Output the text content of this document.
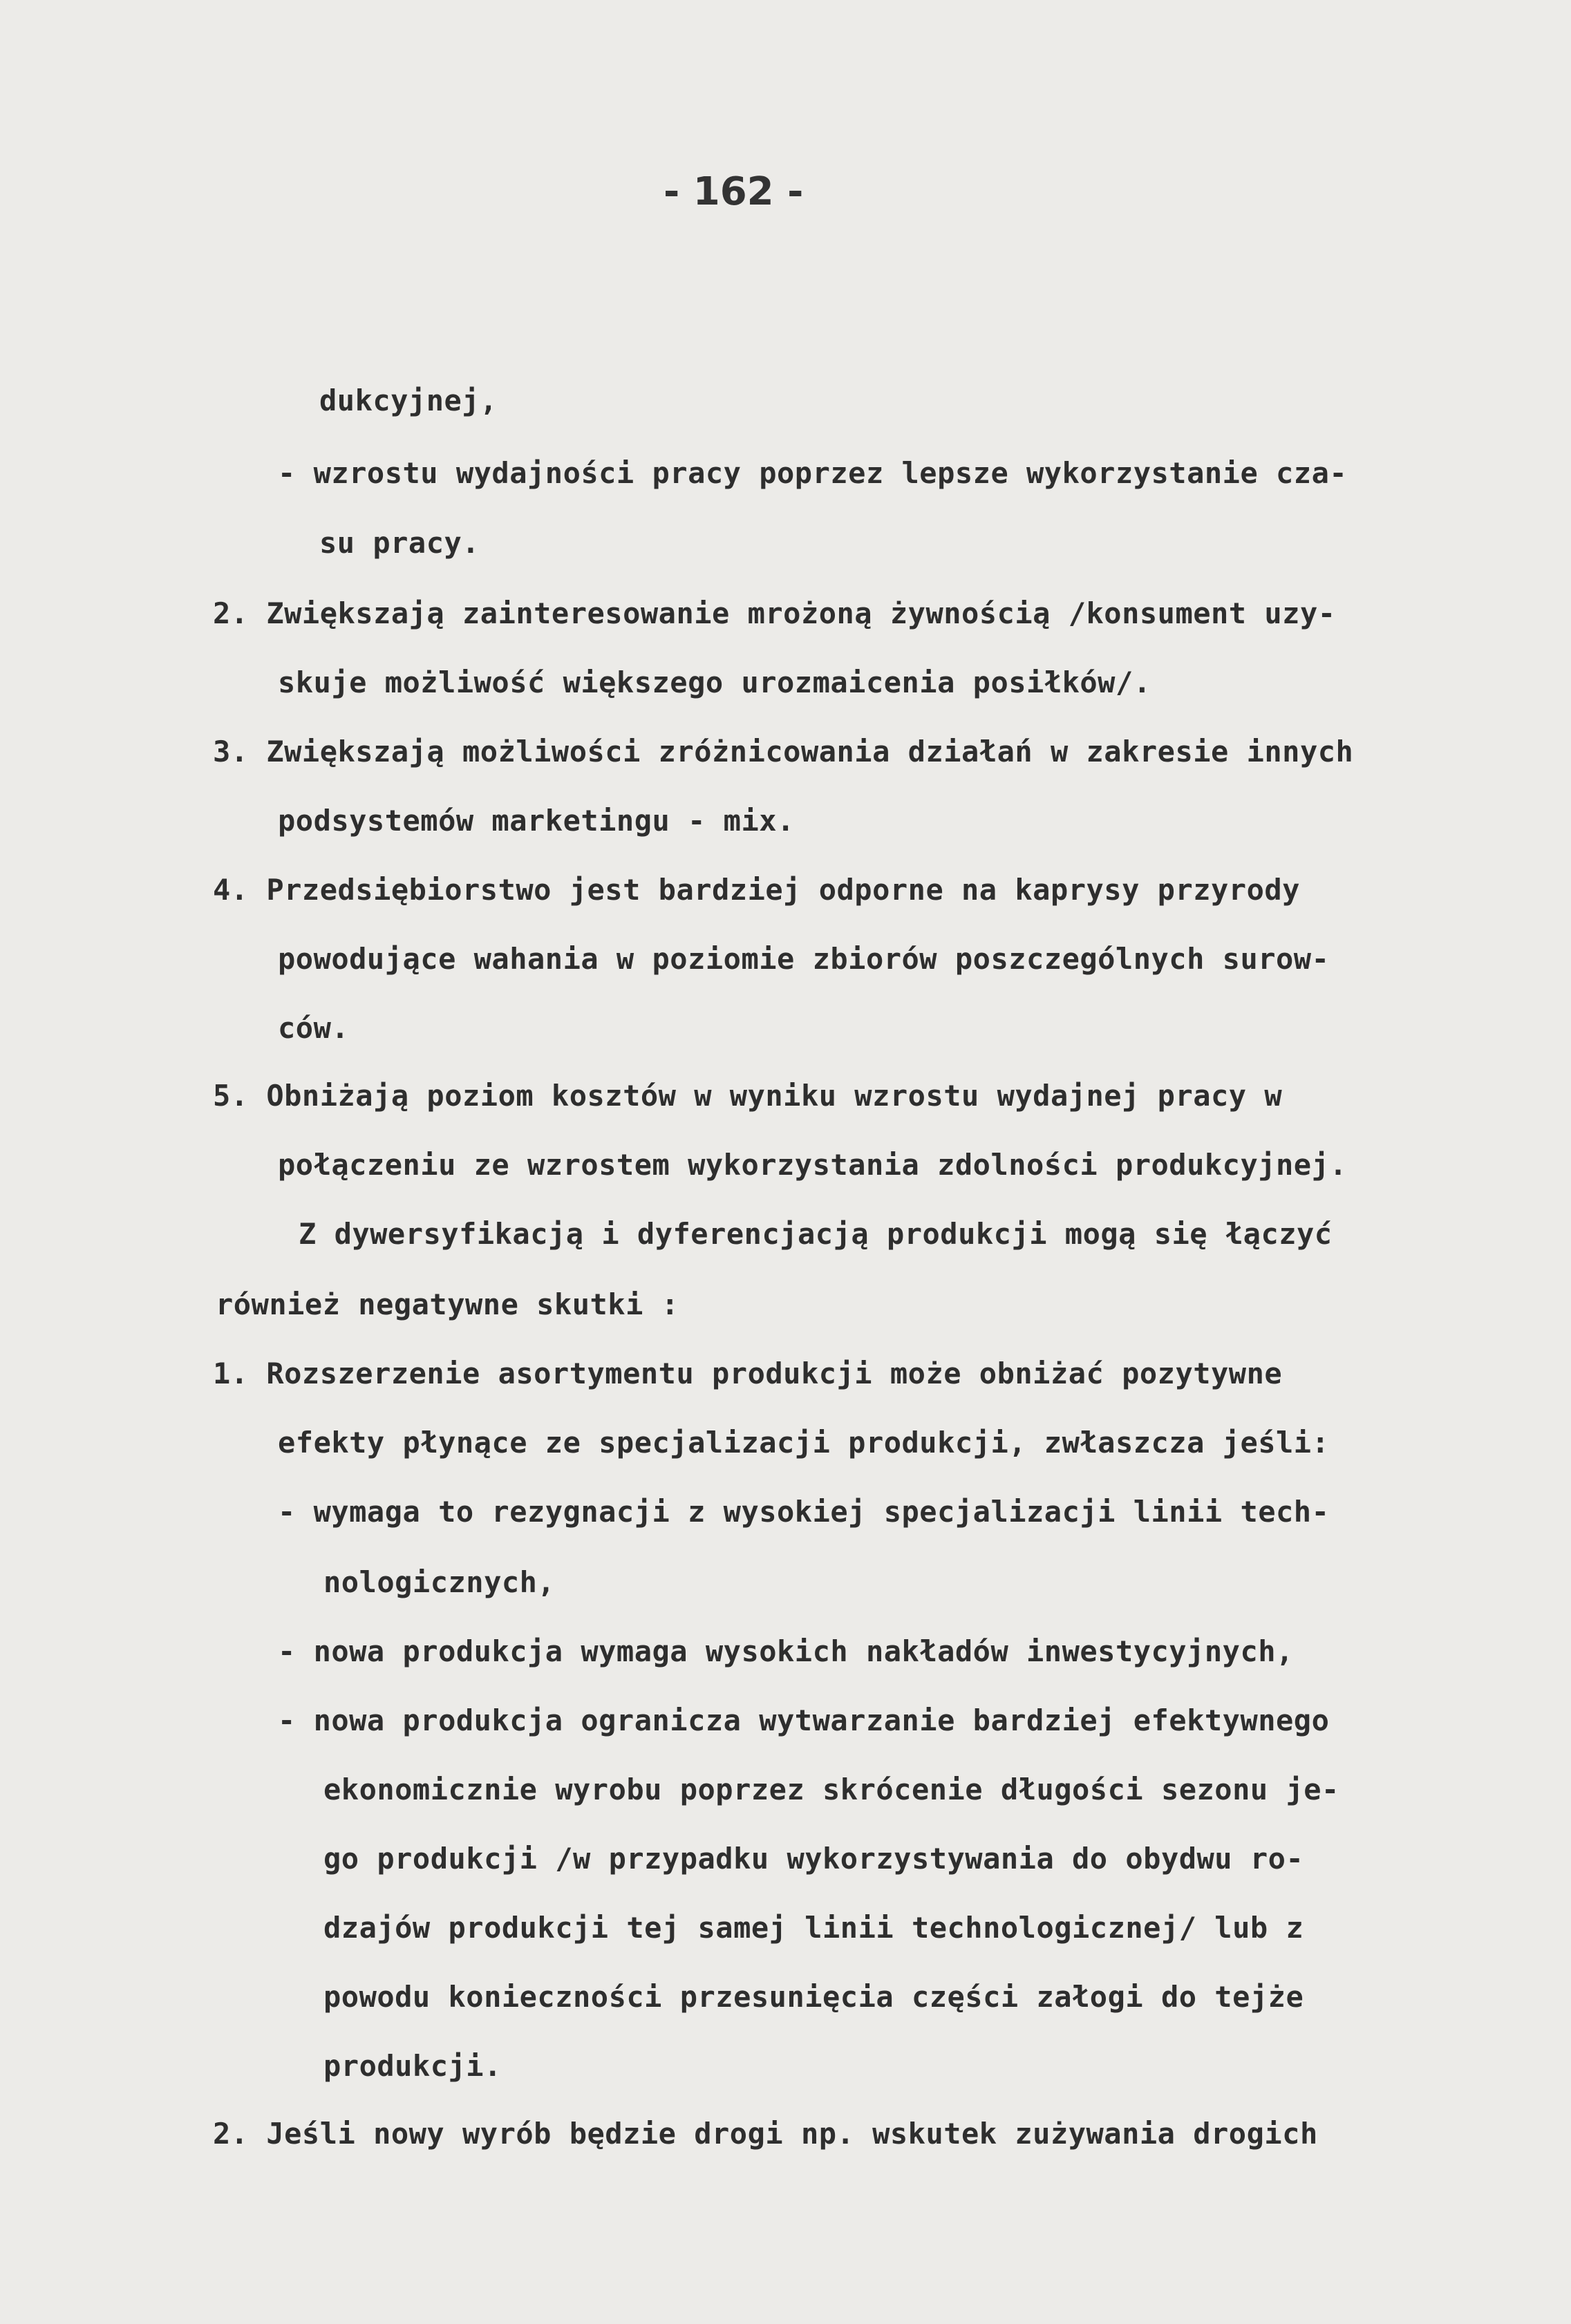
- 162 -
dukcyjnej,
- wzrostu wydajności pracy poprzez lepsze wykorzystanie cza-
su pracy.
2. Zwiększają zainteresowanie mrożoną żywnością /konsument uzy-
skuje możliwość większego urozmaicenia posiłków/.
3. Zwiększają możliwości zróżnicowania działań w zakresie innych
podsystemów marketingu - mix.
4. Przedsiębiorstwo jest bardziej odporne na kaprysy przyrody
powodujące wahania w poziomie zbiorów poszczególnych surow-
ców.
5. Obniżają poziom kosztów w wyniku wzrostu wydajnej pracy w
połączeniu ze wzrostem wykorzystania zdolności produkcyjnej.
Z dywersyfikacją i dyferencjacją produkcji mogą się łączyć
również negatywne skutki :
1. Rozszerzenie asortymentu produkcji może obniżać pozytywne
efekty płynące ze specjalizacji produkcji, zwłaszcza jeśli:
- wymaga to rezygnacji z wysokiej specjalizacji linii tech-
nologicznych,
- nowa produkcja wymaga wysokich nakładów inwestycyjnych,
- nowa produkcja ogranicza wytwarzanie bardziej efektywnego
ekonomicznie wyrobu poprzez skrócenie długości sezonu je-
go produkcji /w przypadku wykorzystywania do obydwu ro-
dzajów produkcji tej samej linii technologicznej/ lub z
powodu konieczności przesunięcia części załogi do tejże
produkcji.
2. Jeśli nowy wyrób będzie drogi np. wskutek zużywania drogich
